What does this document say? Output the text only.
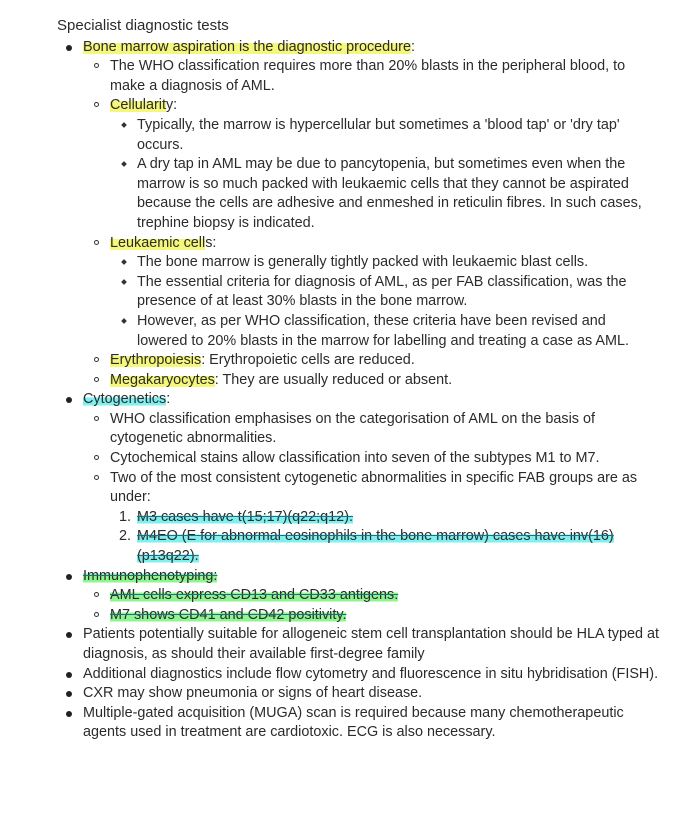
Specialist diagnostic tests
Bone marrow aspiration is the diagnostic procedure:
The WHO classification requires more than 20% blasts in the peripheral blood, to make a diagnosis of AML.
Cellularity:
Typically, the marrow is hypercellular but sometimes a 'blood tap' or 'dry tap' occurs.
A dry tap in AML may be due to pancytopenia, but sometimes even when the marrow is so much packed with leukaemic cells that they cannot be aspirated because the cells are adhesive and enmeshed in reticulin fibres. In such cases, trephine biopsy is indicated.
Leukaemic cells:
The bone marrow is generally tightly packed with leukaemic blast cells.
The essential criteria for diagnosis of AML, as per FAB classification, was the presence of at least 30% blasts in the bone marrow.
However, as per WHO classification, these criteria have been revised and lowered to 20% blasts in the marrow for labelling and treating a case as AML.
Erythropoiesis: Erythropoietic cells are reduced.
Megakaryocytes: They are usually reduced or absent.
Cytogenetics:
WHO classification emphasises on the categorisation of AML on the basis of cytogenetic abnormalities.
Cytochemical stains allow classification into seven of the subtypes M1 to M7.
Two of the most consistent cytogenetic abnormalities in specific FAB groups are as under:
1. M3 cases have t(15;17)(q22;q12).
2. M4EO (E for abnormal eosinophils in the bone marrow) cases have inv(16)(p13q22).
Immunophenotyping:
AML cells express CD13 and CD33 antigens.
M7 shows CD41 and CD42 positivity.
Patients potentially suitable for allogeneic stem cell transplantation should be HLA typed at diagnosis, as should their available first-degree family
Additional diagnostics include flow cytometry and fluorescence in situ hybridisation (FISH).
CXR may show pneumonia or signs of heart disease.
Multiple-gated acquisition (MUGA) scan is required because many chemotherapeutic agents used in treatment are cardiotoxic. ECG is also necessary.
